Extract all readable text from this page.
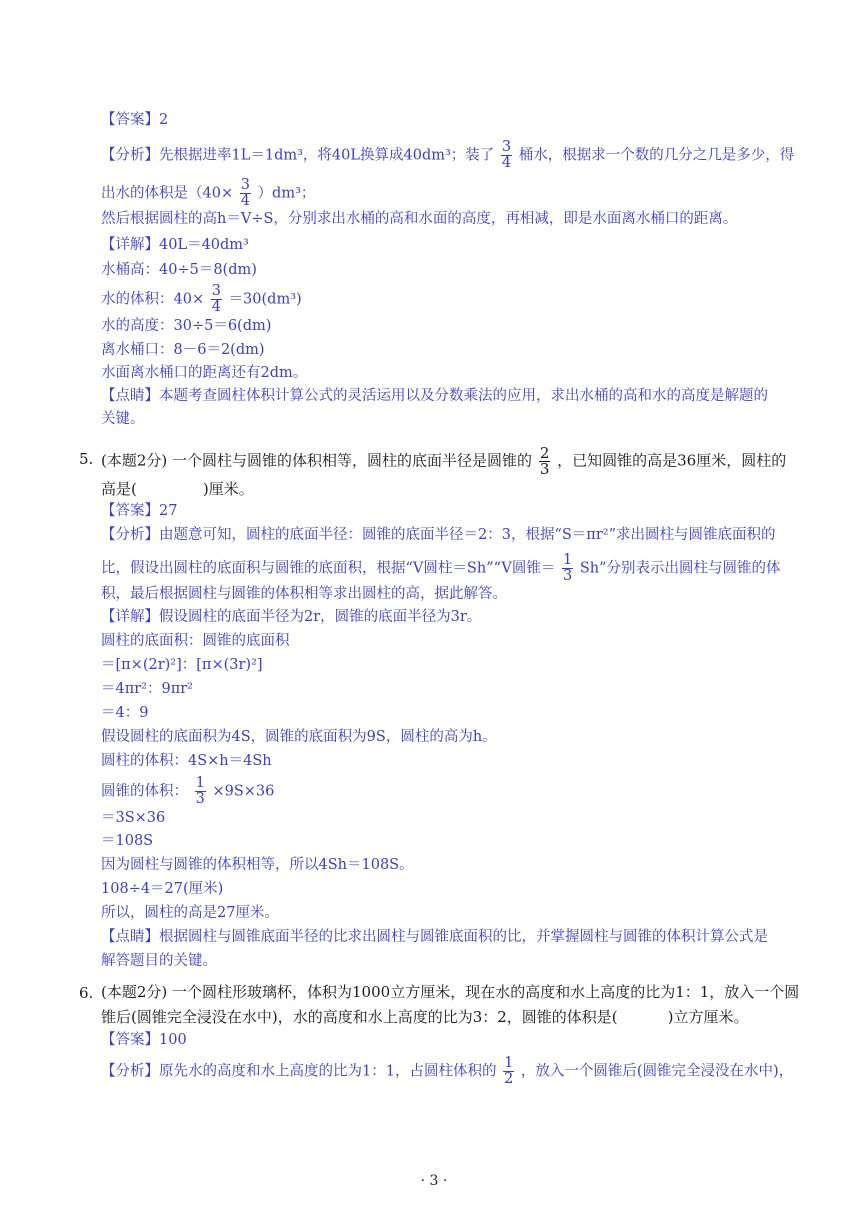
【答案】2
【分析】先根据进率1L＝1dm³，将40L换算成40dm³；装了 $\frac{3}{4}$ 桶水，根据求一个数的几分之几是多少，得
出水的体积是$(40\times \frac{3}{4} )dm^3$；
然后根据圆柱的高h＝V÷S，分别求出水桶的高和水面的高度，再相减，即是水面离水桶口的距离。
【详解】40L＝40dm³
水桶高：40÷5＝8(dm)
水的体积：$40\times \frac{3}{4} =30(dm^3)$
水的高度：30÷5＝6(dm)
离水桶口：8－6＝2(dm)
水面离水桶口的距离还有2dm。
【点睛】本题考查圆柱体积计算公式的灵活运用以及分数乘法的应用，求出水桶的高和水的高度是解题的
关键。
5. (本题2分) 一个圆柱与圆锥的体积相等，圆柱的底面半径是圆锥的 $\frac{2}{3}$ ，已知圆锥的高是36厘米，圆柱的
高是(	)厘米。
【答案】27
【分析】由题意可知，圆柱的底面半径：圆锥的底面半径＝2：3，根据“S＝πr²”求出圆柱与圆锥底面积的
比，假设出圆柱的底面积与圆锥的底面积，根据“V圆柱＝Sh”“V圆锥＝ $\frac{1}{3} Sh$”分别表示出圆柱与圆锥的体
积，最后根据圆柱与圆锥的体积相等求出圆柱的高，据此解答。
【详解】假设圆柱的底面半径为2r，圆锥的底面半径为3r。
圆柱的底面积：圆锥的底面积
＝[π×(2r)²]：[π×(3r)²]
＝4πr²：9πr²
＝4：9
假设圆柱的底面积为4S，圆锥的底面积为9S，圆柱的高为h。
圆柱的体积：4S×h＝4Sh
圆锥的体积： $\frac{1}{3} \times 9S\times 36$
＝3S×36
＝108S
因为圆柱与圆锥的体积相等，所以4Sh＝108S。
108÷4＝27(厘米)
所以，圆柱的高是27厘米。
【点睛】根据圆柱与圆锥底面半径的比求出圆柱与圆锥底面积的比，并掌握圆柱与圆锥的体积计算公式是
解答题目的关键。
6. (本题2分) 一个圆柱形玻璃杯，体积为1000立方厘米，现在水的高度和水上高度的比为1：1，放入一个圆
锥后(圆锥完全浸没在水中)，水的高度和水上高度的比为3：2，圆锥的体积是(	)立方厘米。
【答案】100
【分析】原先水的高度和水上高度的比为1：1，占圆柱体积的 $\frac{1}{2}$ ，放入一个圆锥后(圆锥完全浸没在水中)，
· 3 ·
